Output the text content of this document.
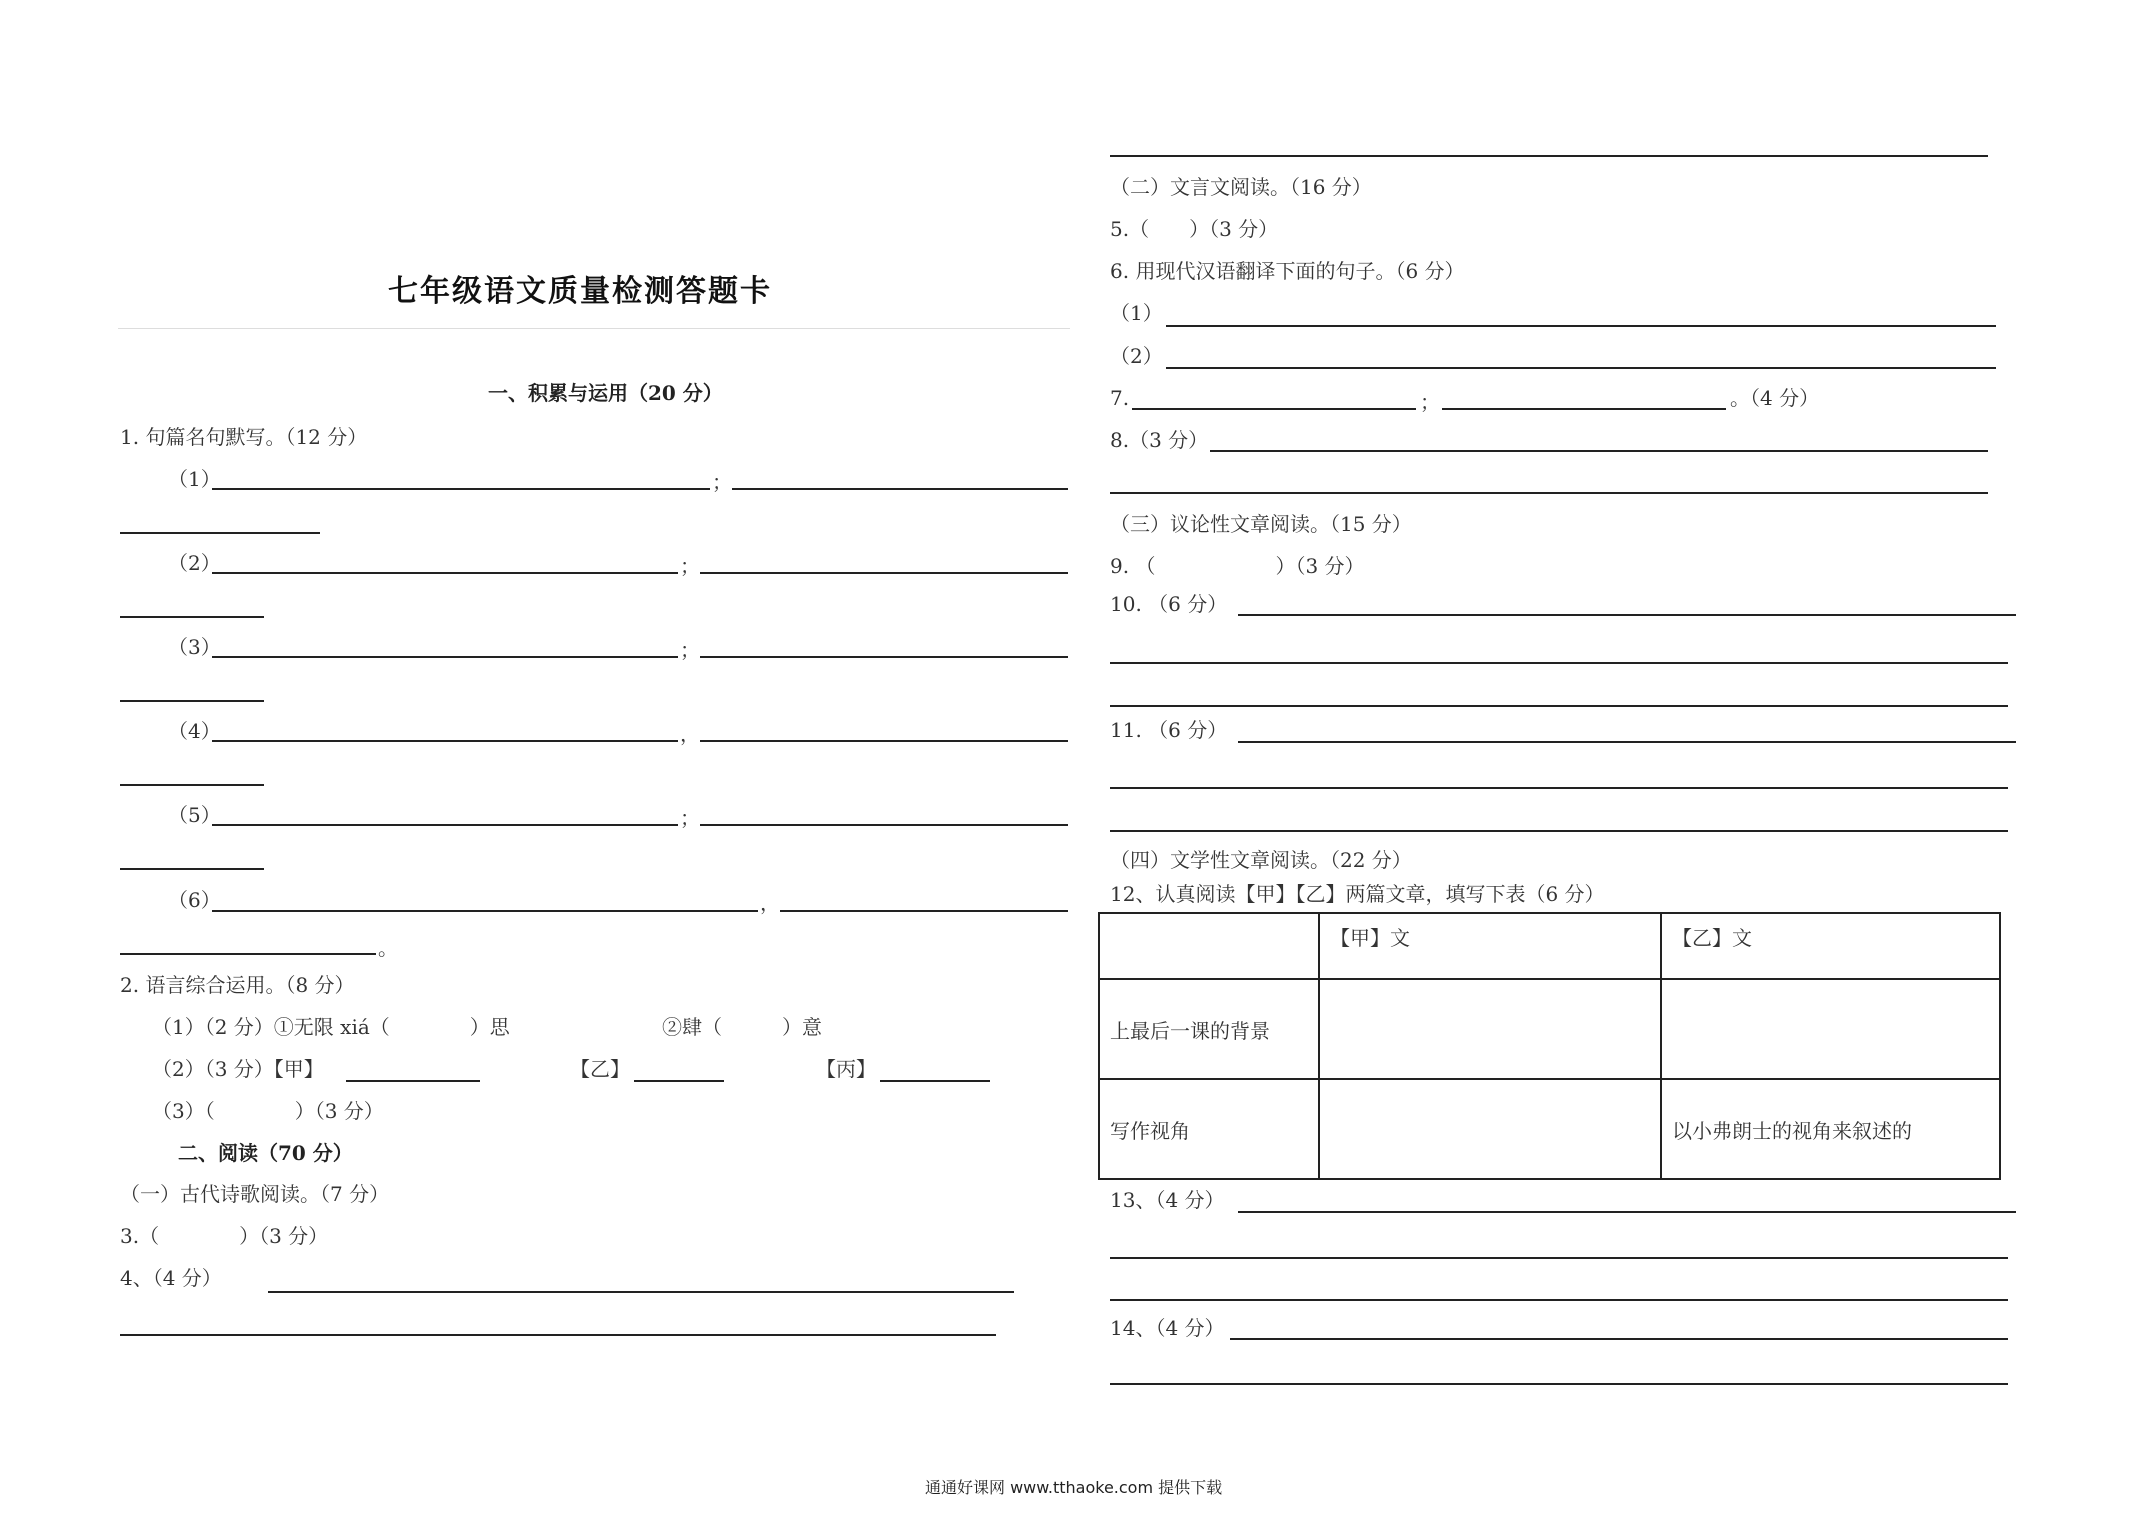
七年级语文质量检测答题卡
一、积累与运用（20 分）
1. 句篇名句默写。（12 分）
（1）	；
（2）	；
（3）	；
（4）	，
（5）	；
（6）	，
。
2. 语言综合运用。（8 分）
（1）（2 分）①无限 xiá（　　　　）思	②肆（　　　）意
（2）（3 分）【甲】	【乙】	【丙】
（3）（　　　　）（3 分）
二、阅读（70 分）
（一）古代诗歌阅读。（7 分）
3.（　　　　）（3 分）
4、（4 分）
（二）文言文阅读。（16 分）
5.（　　）（3 分）
6. 用现代汉语翻译下面的句子。（6 分）
（1）
（2）
7.	；	。（4 分）
8.（3 分）
（三）议论性文章阅读。（15 分）
9. （　　　　　　）（3 分）
10. （6 分）
11. （6 分）
（四）文学性文章阅读。（22 分）
12、认真阅读【甲】【乙】两篇文章，填写下表（6 分）
	【甲】文	【乙】文
上最后一课的背景		
写作视角		以小弗朗士的视角来叙述的
13、（4 分）
14、（4 分）
通通好课网 www.tthaoke.com 提供下载
